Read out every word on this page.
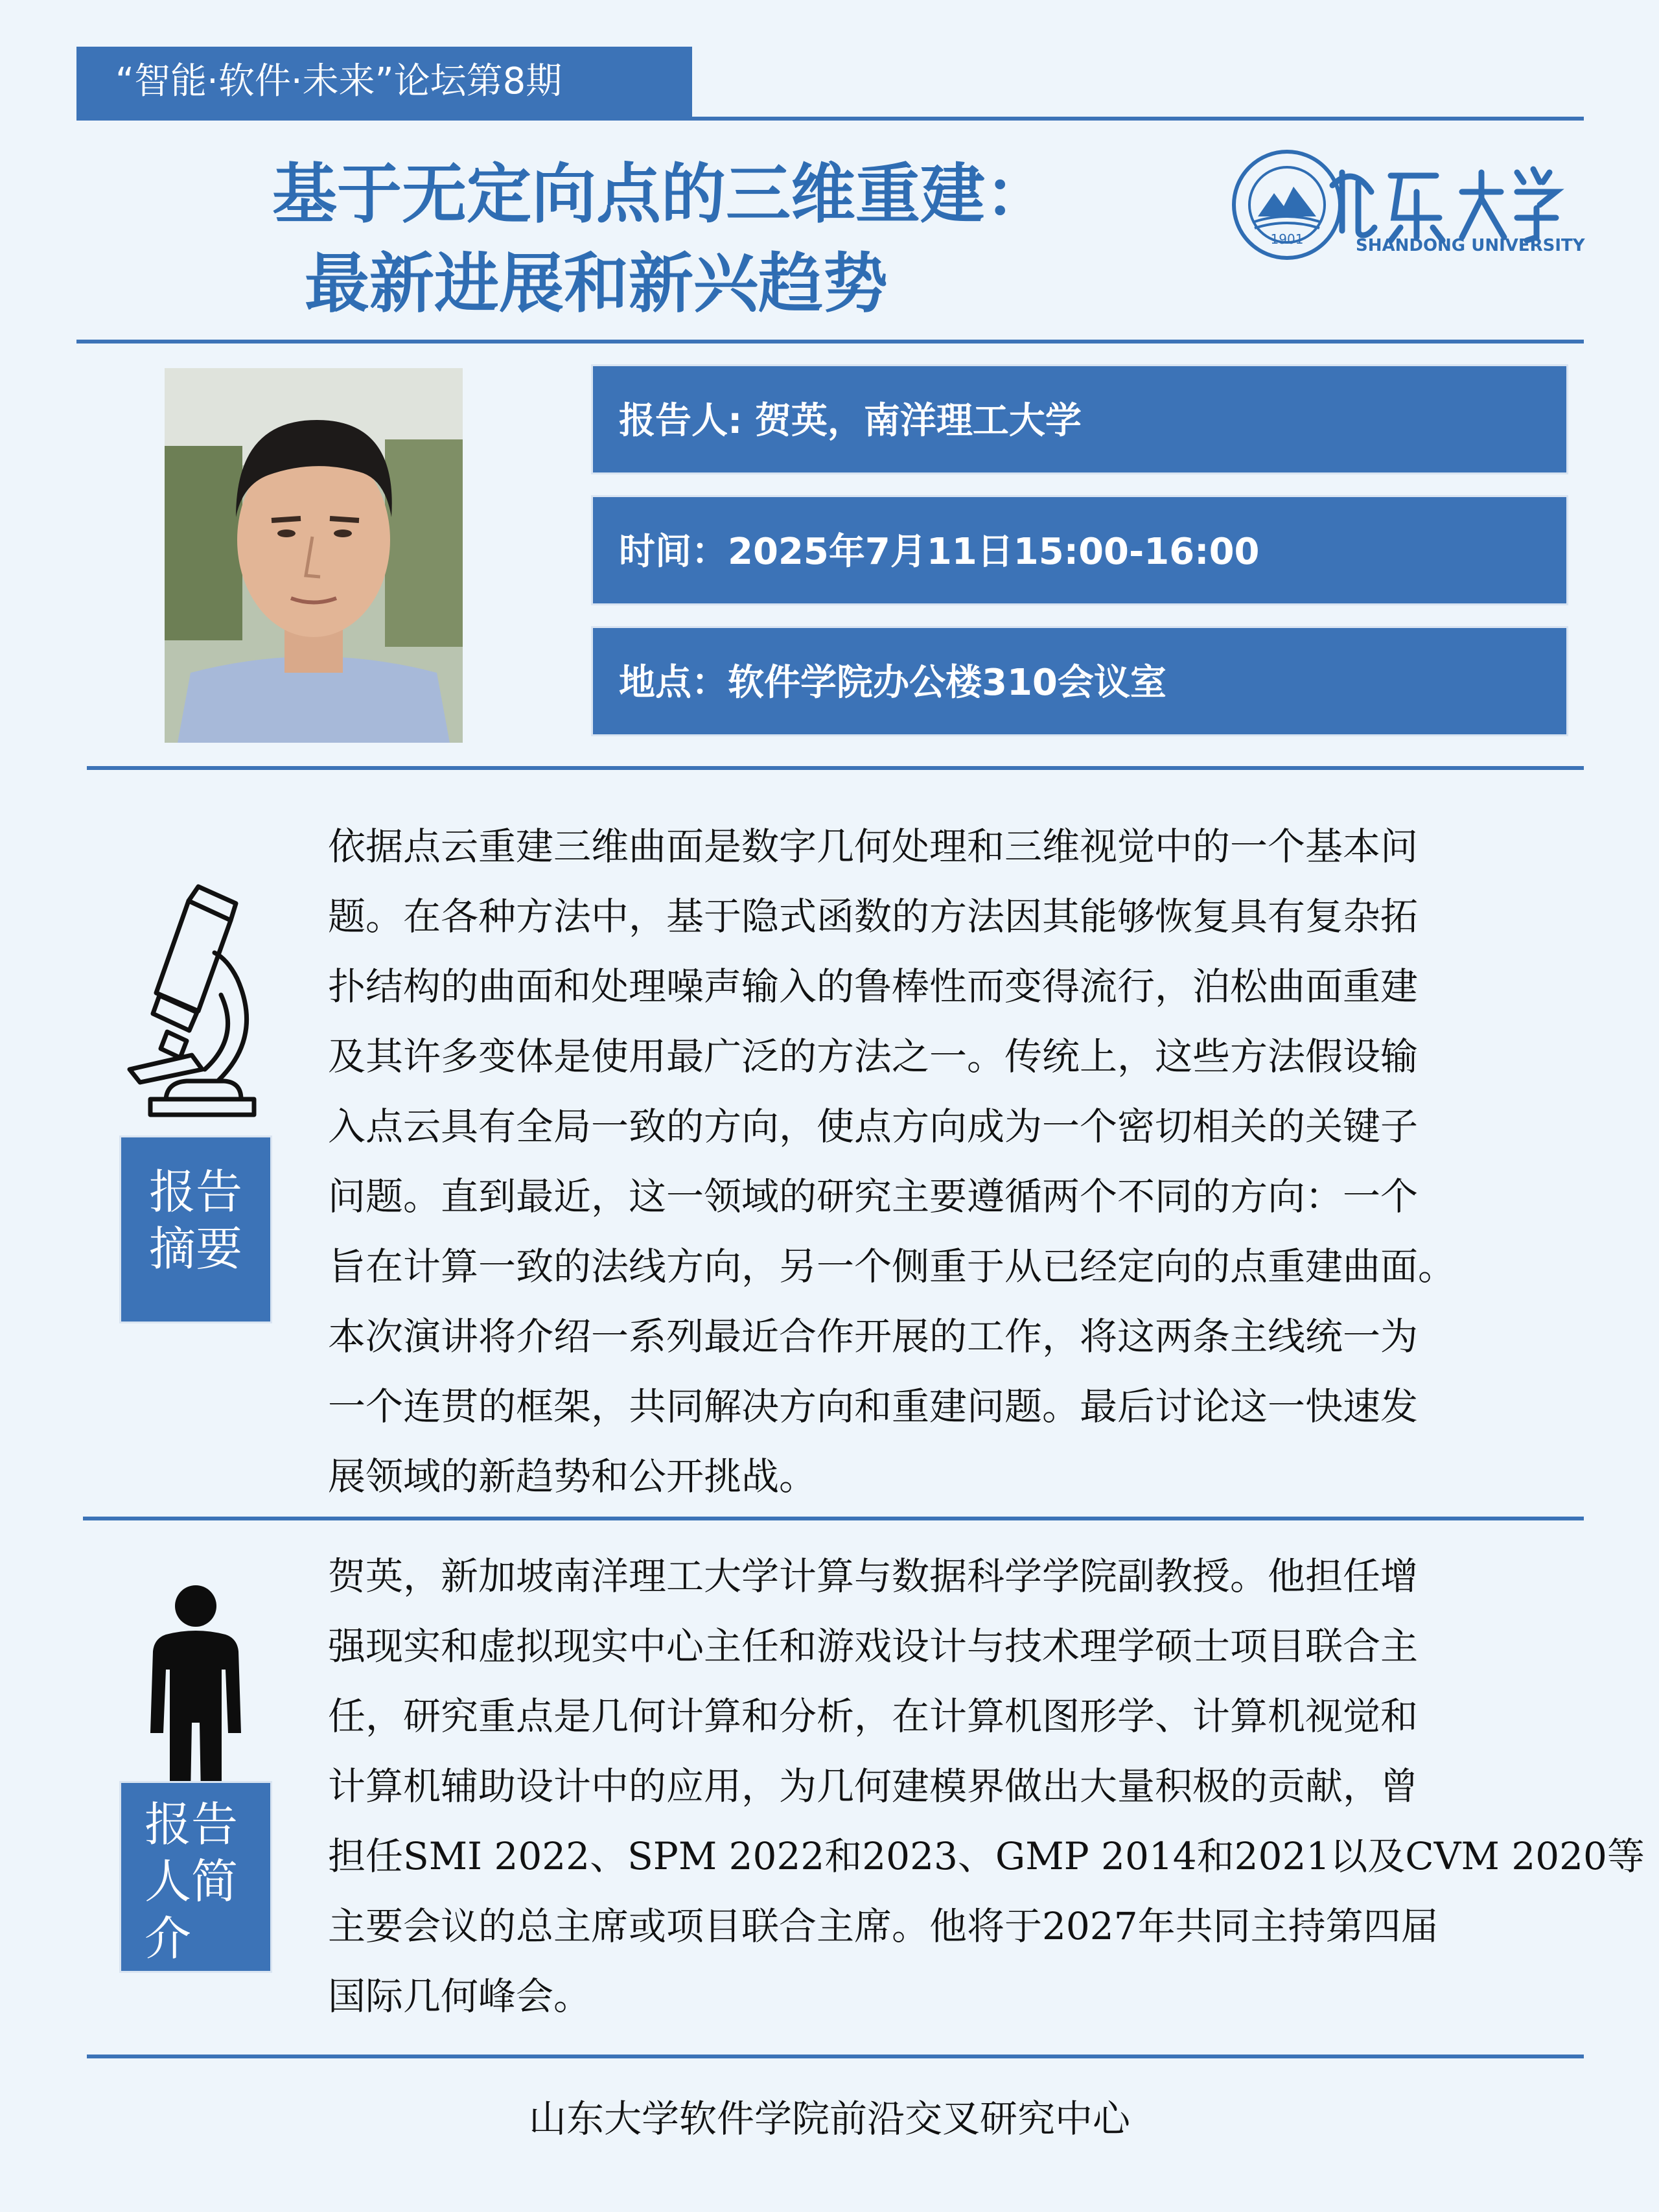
“智能·软件·未来”论坛第8期
基于无定向点的三维重建：
最新进展和新兴趋势
1901	SHANDONG UNIVERSITY
报告人: 贺英，南洋理工大学
时间：2025年7月11日15:00-16:00
地点：软件学院办公楼310会议室
报告
摘要
依据点云重建三维曲面是数字几何处理和三维视觉中的一个基本问
题。在各种方法中，基于隐式函数的方法因其能够恢复具有复杂拓
扑结构的曲面和处理噪声输入的鲁棒性而变得流行，泊松曲面重建
及其许多变体是使用最广泛的方法之一。传统上，这些方法假设输
入点云具有全局一致的方向，使点方向成为一个密切相关的关键子
问题。直到最近，这一领域的研究主要遵循两个不同的方向：一个
旨在计算一致的法线方向，另一个侧重于从已经定向的点重建曲面。
本次演讲将介绍一系列最近合作开展的工作，将这两条主线统一为
一个连贯的框架，共同解决方向和重建问题。最后讨论这一快速发
展领域的新趋势和公开挑战。
报告
人简
介
贺英，新加坡南洋理工大学计算与数据科学学院副教授。他担任增
强现实和虚拟现实中心主任和游戏设计与技术理学硕士项目联合主
任，研究重点是几何计算和分析，在计算机图形学、计算机视觉和
计算机辅助设计中的应用，为几何建模界做出大量积极的贡献，曾
担任SMI 2022、SPM 2022和2023、GMP 2014和2021以及CVM 2020等
主要会议的总主席或项目联合主席。他将于2027年共同主持第四届
国际几何峰会。
山东大学软件学院前沿交叉研究中心
